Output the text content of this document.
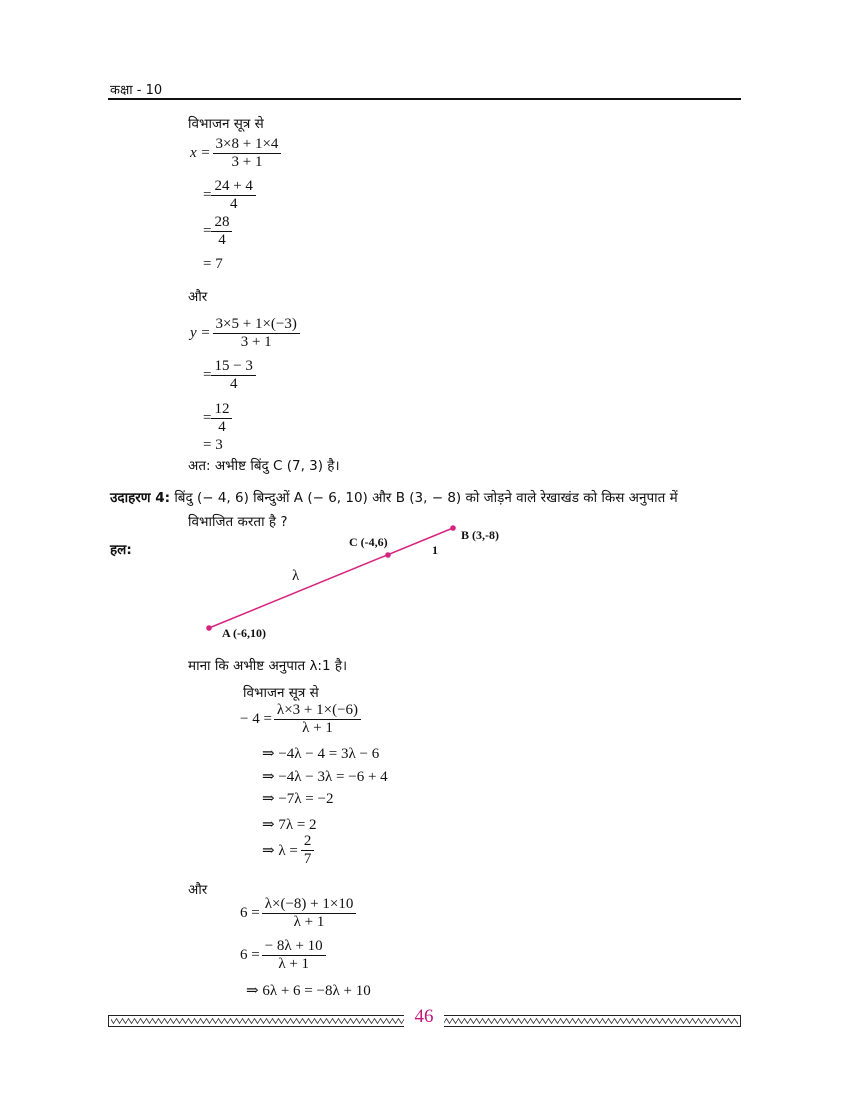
कक्षा - 10
विभाजन सूत्र से
$x = \frac{3\times 8 + 1\times 4}{3 + 1}$
= $\frac{24 + 4}{4}$
= $\frac{28}{4}$
= 7
और
$y = \frac{3\times 5 + 1\times(-3)}{3 + 1}$
= $\frac{15 - 3}{4}$
= $\frac{12}{4}$
= 3
अत: अभीष्ट बिंदु C (7, 3) है।
उदाहरण 4: बिंदु (− 4, 6) बिन्दुओं A (− 6, 10) और B (3, − 8) को जोड़ने वाले रेखाखंड को किस अनुपात में
विभाजित करता है ?
हल:
A (-6,10)
B (3,-8)
C (-4,6)
λ
1
माना कि अभीष्ट अनुपात λ:1 है।
विभाजन सूत्र से
− $4 = \frac{\lambda\times 3 + 1\times(-6)}{\lambda + 1}$
⇒ −4λ − 4 = 3λ − 6
⇒ −4λ − 3λ = −6 + 4
⇒ −7λ = −2
⇒ 7λ = 2
⇒ $\lambda = \frac{2}{7}$
और
$6 = \frac{\lambda\times(-8) + 1\times 10}{\lambda + 1}$
$6 = \frac{- 8\lambda + 10}{\lambda + 1}$
⇒ 6λ + 6 = −8λ + 10
46
